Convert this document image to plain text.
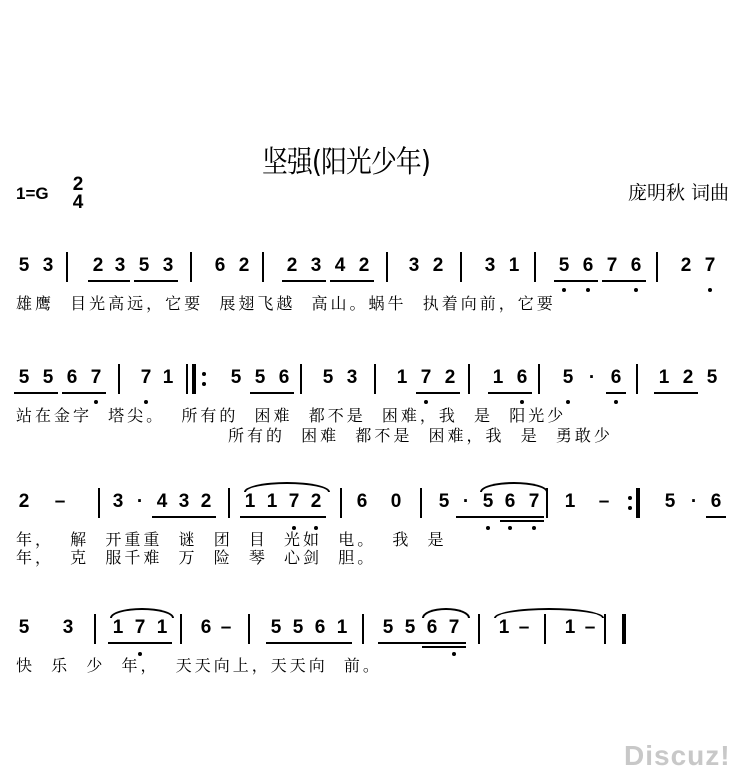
坚强(阳光少年)
庞明秋 词曲
1=G 2
4
5 3 2 3 5 3 6 2 2 3 4 2 3 2 3 1 5 6 7 6 2 7
5 5 6 7 7 1	5 5 6 5 3 1 7 2 1 6 5 · 6 1 2 5
2 – 3 · 4 3 2 1 1 7 2 6 0 5 · 5 6 7 1 –	5 · 6
5 3 1 7 1 6 – 5 5 6 1 5 5 6 7 1 – 1 –
雄鹰  目光高远，它要  展翅飞越  高山。蜗牛  执着向前，它要
站在金字  塔尖。  所有的  困难  都不是  困难，我  是  阳光少
所有的  困难  都不是  困难，我  是  勇敢少
年，  解  开重重  谜  团  目  光如  电。  我  是
年，  克  服千难  万  险  琴  心剑  胆。
快  乐  少  年，  天天向上，天天向  前。
Discuz!
